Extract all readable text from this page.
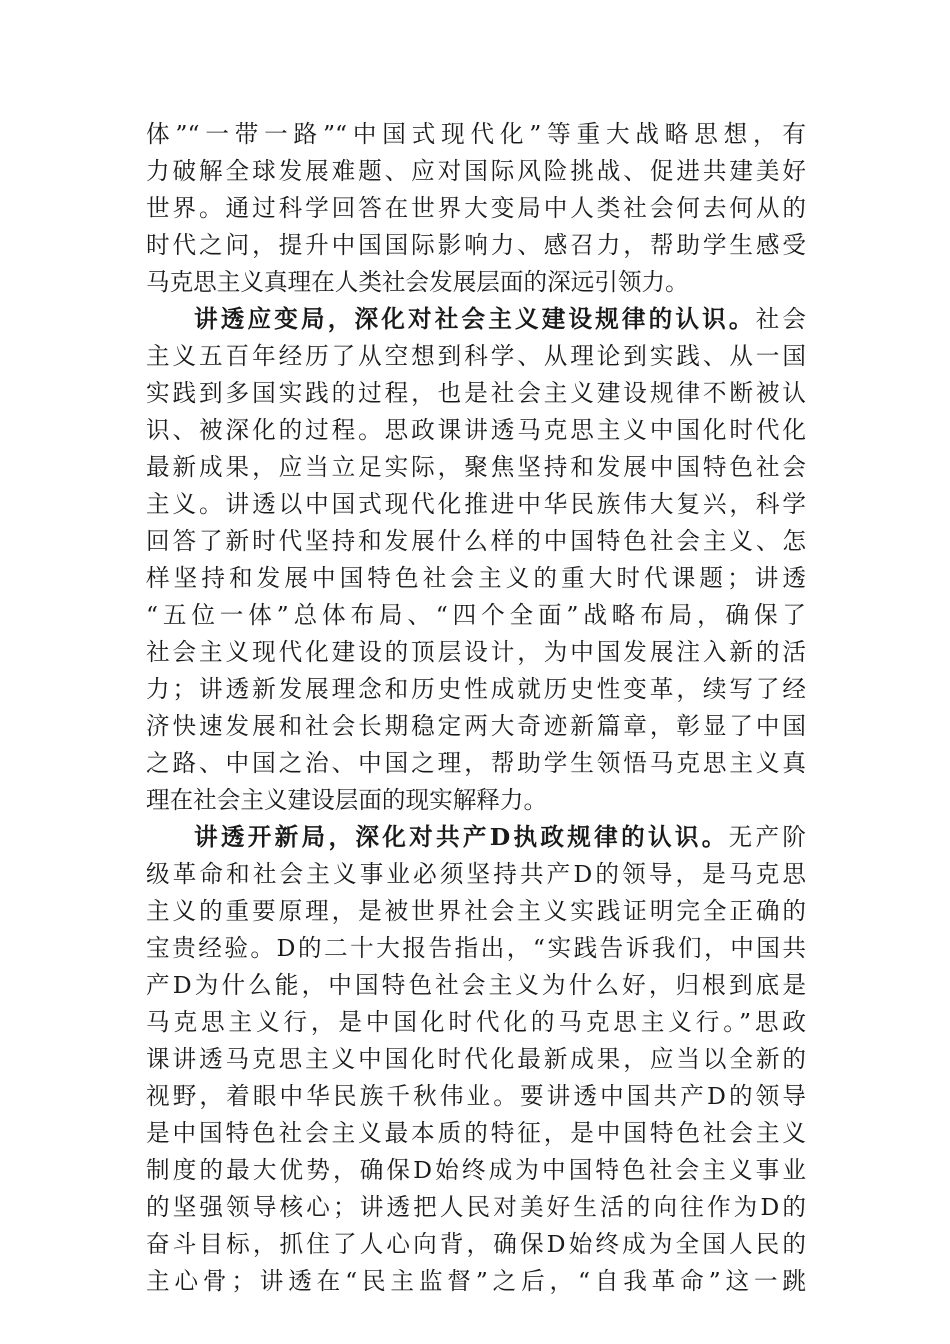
体”“一带一路”“中国式现代化”等重大战略思想，有
力破解全球发展难题、应对国际风险挑战、促进共建美好
世界。通过科学回答在世界大变局中人类社会何去何从的
时代之问，提升中国国际影响力、感召力，帮助学生感受
马克思主义真理在人类社会发展层面的深远引领力。
讲透应变局，深化对社会主义建设规律的认识。社会
主义五百年经历了从空想到科学、从理论到实践、从一国
实践到多国实践的过程，也是社会主义建设规律不断被认
识、被深化的过程。思政课讲透马克思主义中国化时代化
最新成果，应当立足实际，聚焦坚持和发展中国特色社会
主义。讲透以中国式现代化推进中华民族伟大复兴，科学
回答了新时代坚持和发展什么样的中国特色社会主义、怎
样坚持和发展中国特色社会主义的重大时代课题；讲透
“五位一体”总体布局、“四个全面”战略布局，确保了
社会主义现代化建设的顶层设计，为中国发展注入新的活
力；讲透新发展理念和历史性成就历史性变革，续写了经
济快速发展和社会长期稳定两大奇迹新篇章，彰显了中国
之路、中国之治、中国之理，帮助学生领悟马克思主义真
理在社会主义建设层面的现实解释力。
讲透开新局，深化对共产D执政规律的认识。无产阶
级革命和社会主义事业必须坚持共产D的领导，是马克思
主义的重要原理，是被世界社会主义实践证明完全正确的
宝贵经验。D的二十大报告指出，“实践告诉我们，中国共
产D为什么能，中国特色社会主义为什么好，归根到底是
马克思主义行，是中国化时代化的马克思主义行。”思政
课讲透马克思主义中国化时代化最新成果，应当以全新的
视野，着眼中华民族千秋伟业。要讲透中国共产D的领导
是中国特色社会主义最本质的特征，是中国特色社会主义
制度的最大优势，确保D始终成为中国特色社会主义事业
的坚强领导核心；讲透把人民对美好生活的向往作为D的
奋斗目标，抓住了人心向背，确保D始终成为全国人民的
主心骨；讲透在“民主监督”之后，“自我革命”这一跳
